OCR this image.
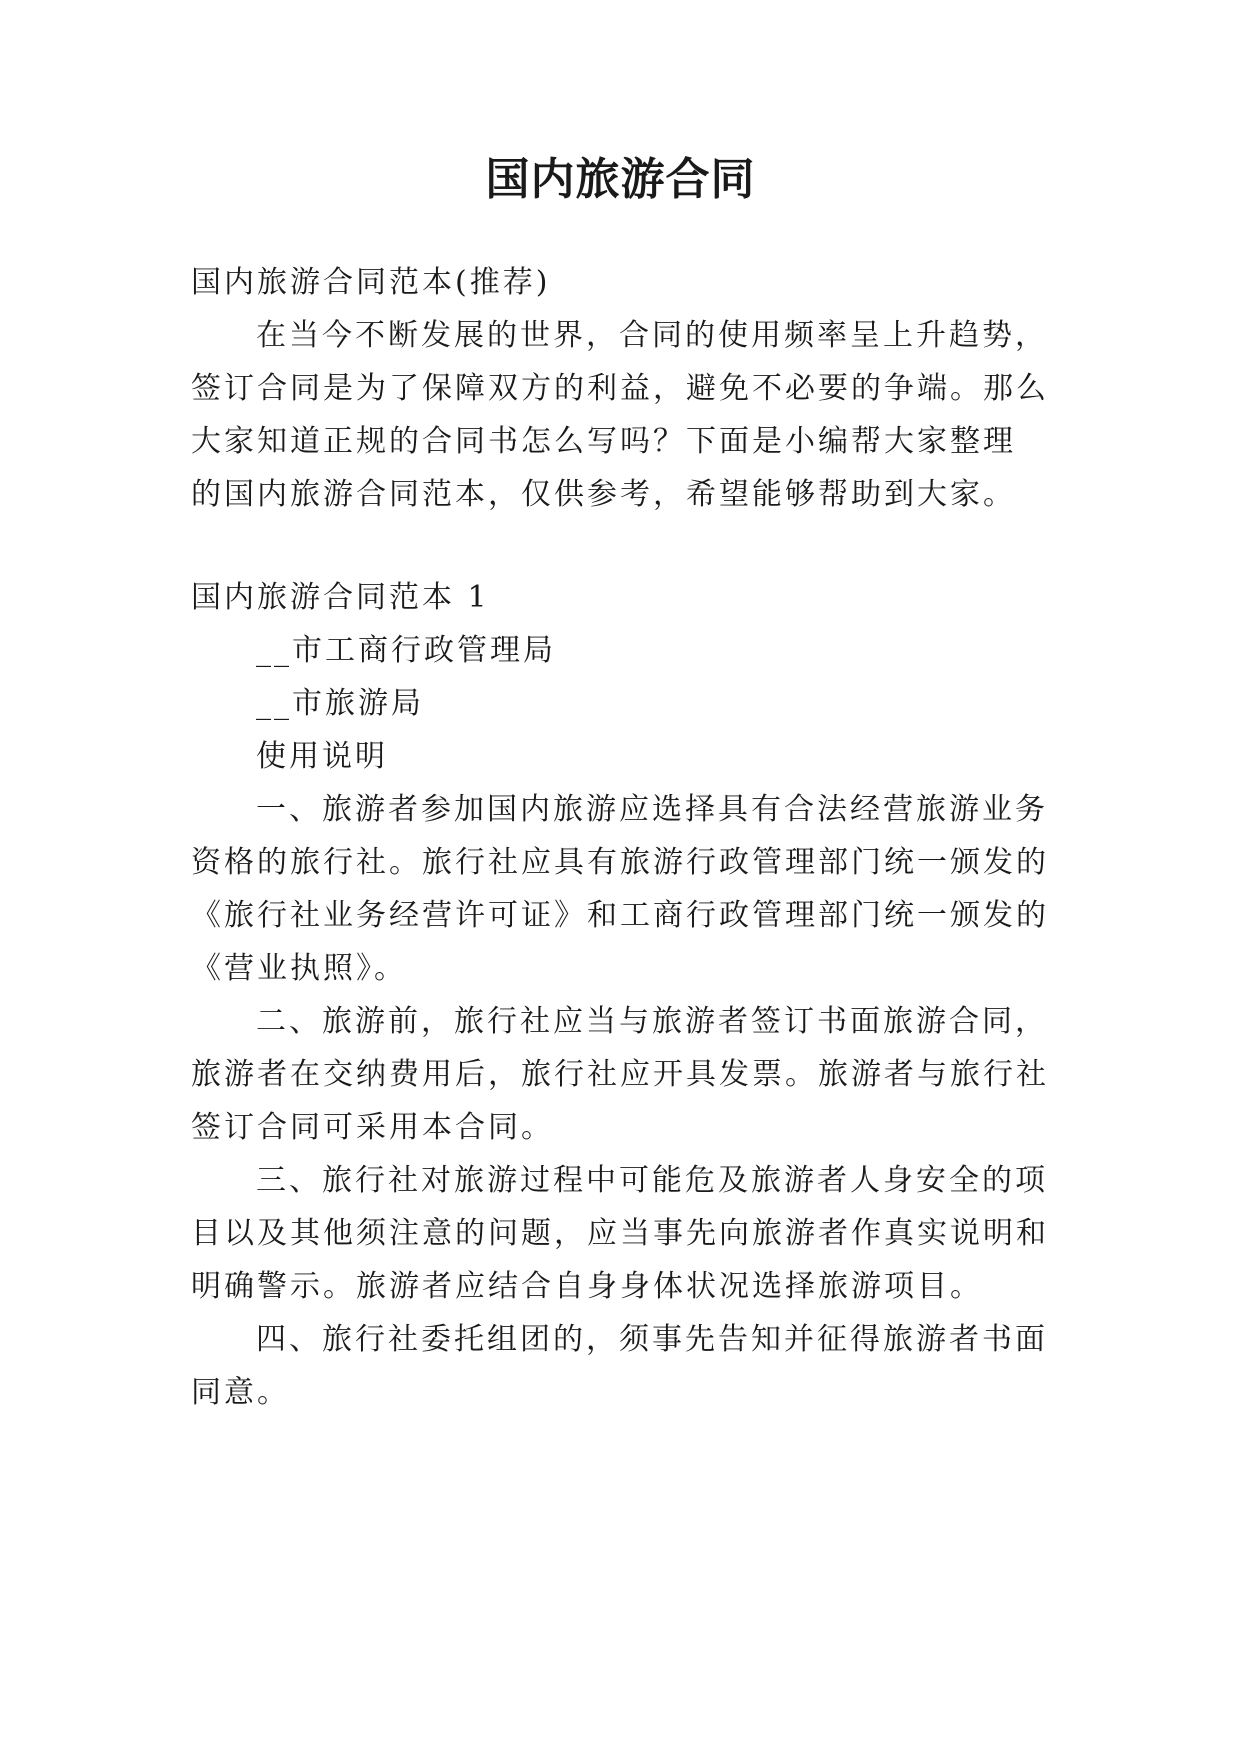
国内旅游合同
国内旅游合同范本(推荐)
在当今不断发展的世界，合同的使用频率呈上升趋势，
签订合同是为了保障双方的利益，避免不必要的争端。那么
大家知道正规的合同书怎么写吗？下面是小编帮大家整理
的国内旅游合同范本，仅供参考，希望能够帮助到大家。
国内旅游合同范本 1
__市工商行政管理局
__市旅游局
使用说明
一、旅游者参加国内旅游应选择具有合法经营旅游业务
资格的旅行社。旅行社应具有旅游行政管理部门统一颁发的
《旅行社业务经营许可证》和工商行政管理部门统一颁发的
《营业执照》。
二、旅游前，旅行社应当与旅游者签订书面旅游合同，
旅游者在交纳费用后，旅行社应开具发票。旅游者与旅行社
签订合同可采用本合同。
三、旅行社对旅游过程中可能危及旅游者人身安全的项
目以及其他须注意的问题，应当事先向旅游者作真实说明和
明确警示。旅游者应结合自身身体状况选择旅游项目。
四、旅行社委托组团的，须事先告知并征得旅游者书面
同意。
